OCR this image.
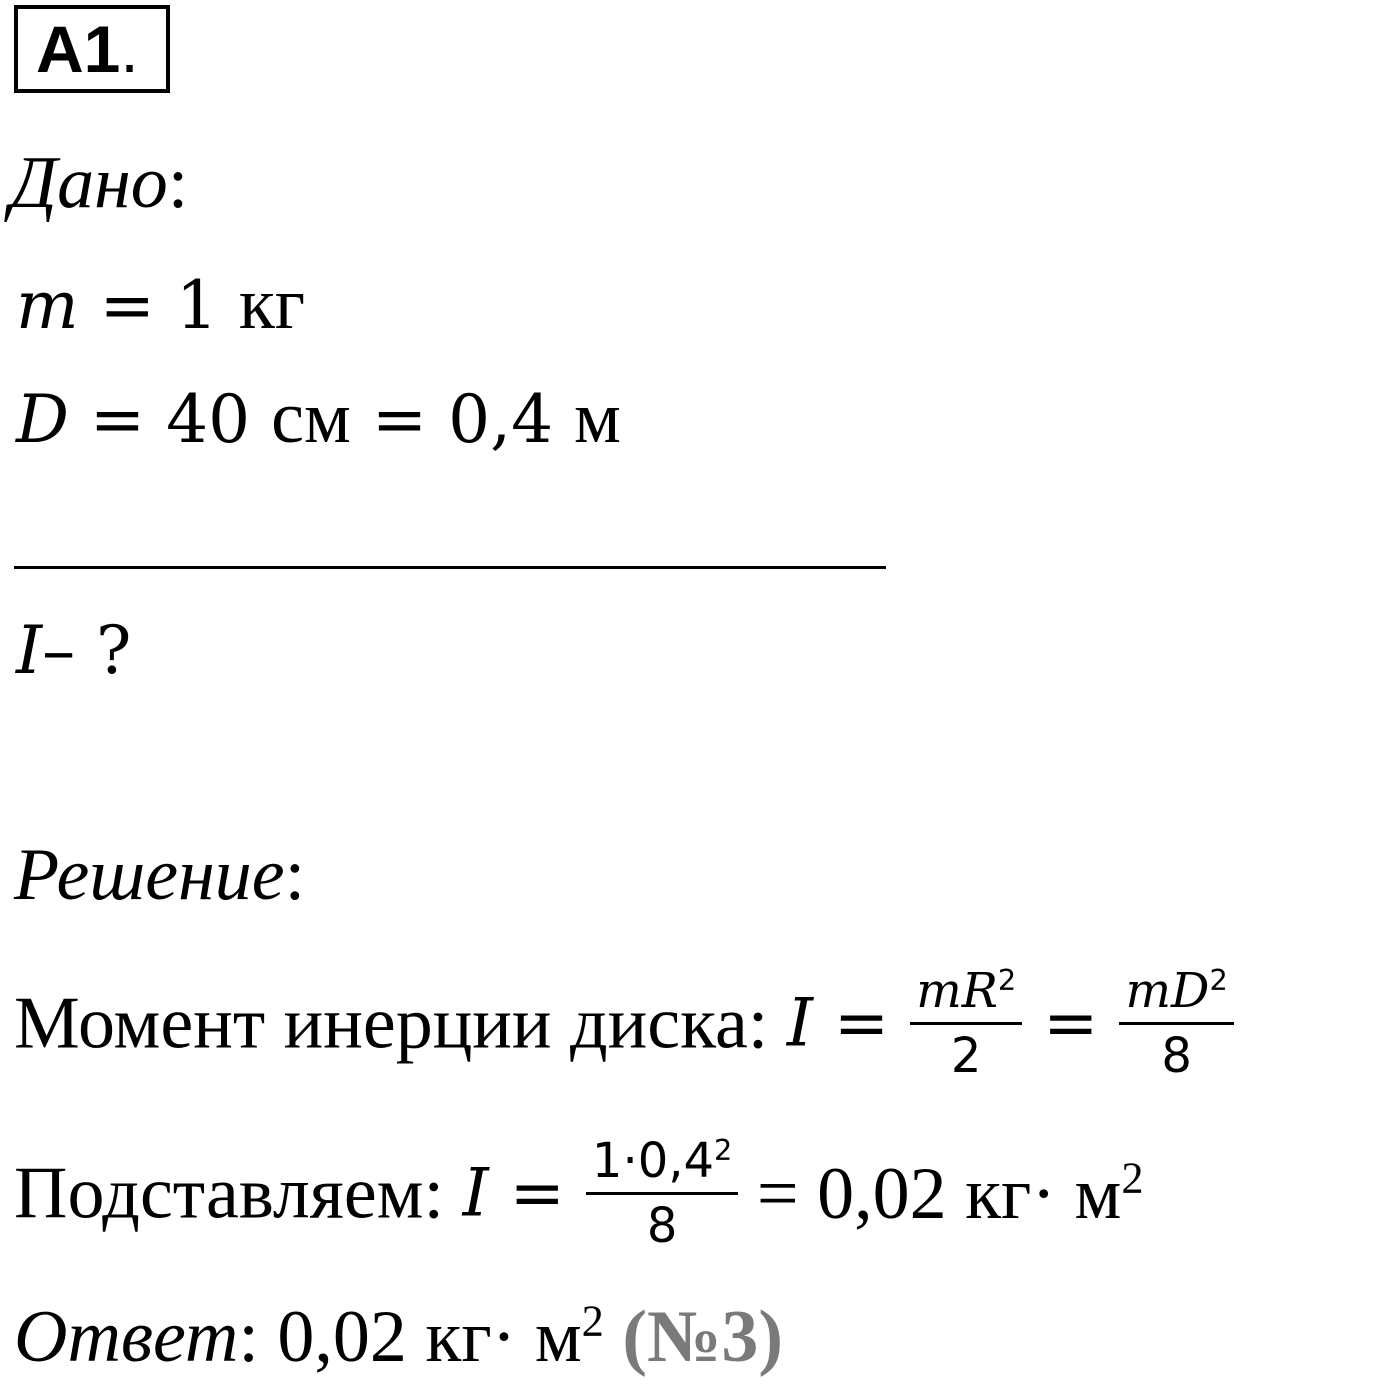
A1.
Дано:
m = 1 кг
D = 40 см = 0,4 м
I– ?
Решение:
Момент инерции диска: $I = \frac{mR^2}{2} = \frac{mD^2}{8}$
Подставляем: $I = \frac{1\cdot 0,4^2}{8} = 0,02$ $кг\cdot м^2$
Ответ: 0,02 $кг\cdot м^2$ (№3)
